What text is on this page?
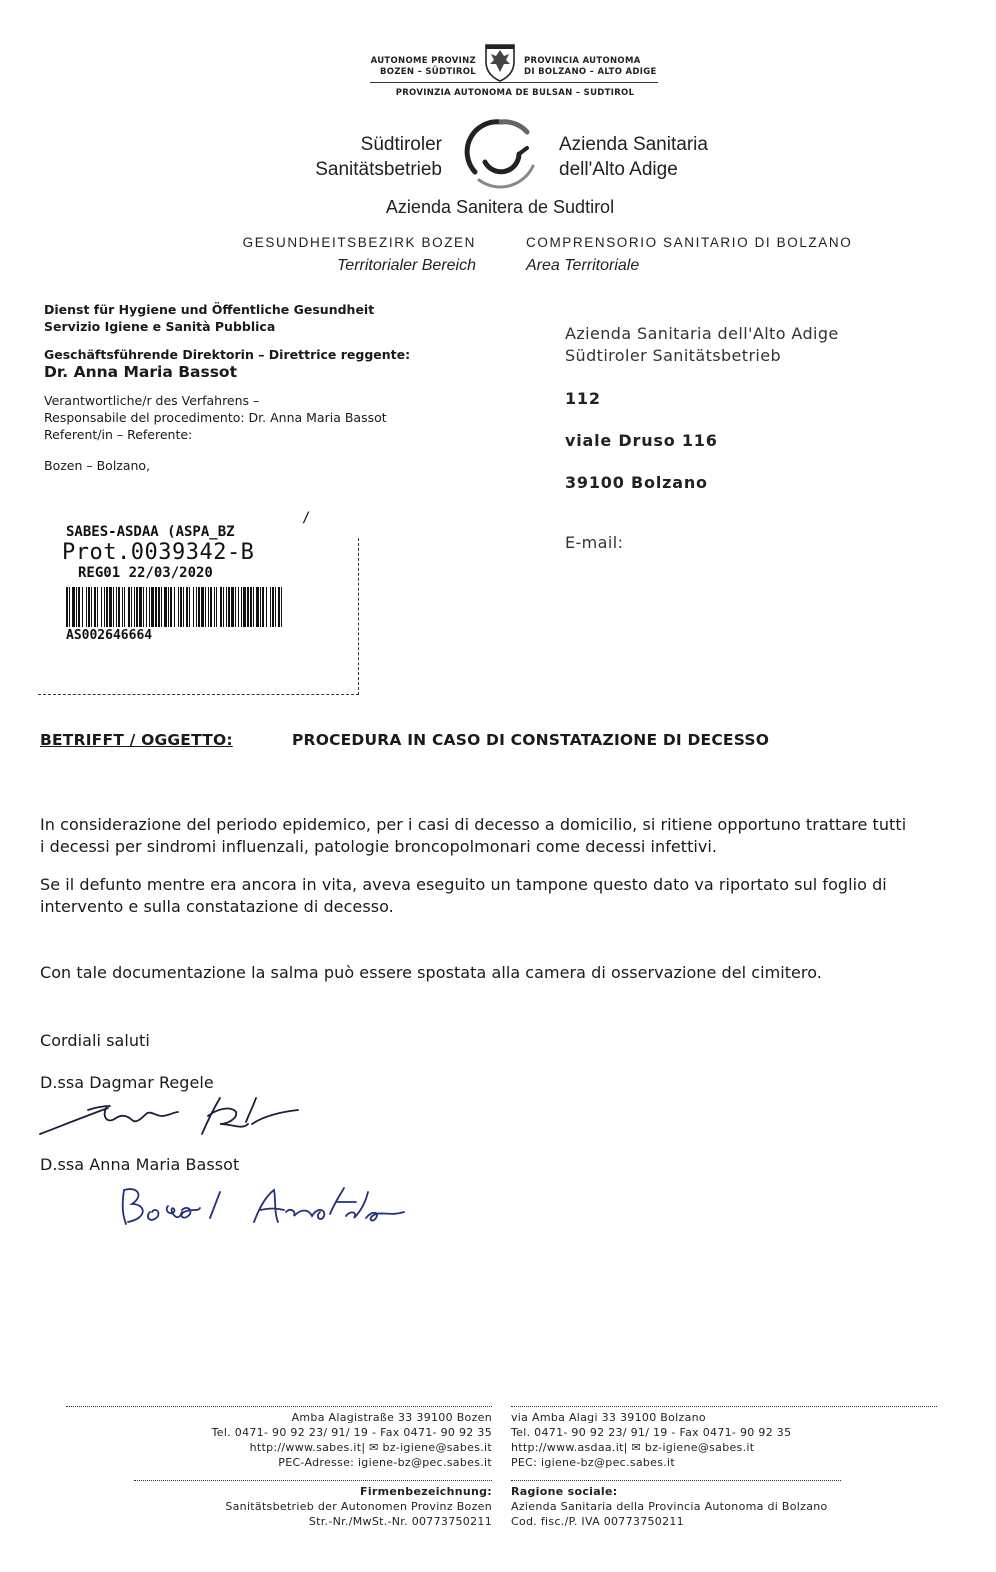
AUTONOME PROVINZ
BOZEN – SÜDTIROL
PROVINCIA AUTONOMA
DI BOLZANO – ALTO ADIGE
PROVINZIA AUTONOMA DE BULSAN – SUDTIROL
Südtiroler
Sanitätsbetrieb
Azienda Sanitaria
dell'Alto Adige
Azienda Sanitera de Sudtirol
GESUNDHEITSBEZIRK BOZEN	COMPRENSORIO SANITARIO DI BOLZANO
Territorialer Bereich	Area Territoriale
Dienst für Hygiene und Öffentliche Gesundheit
Servizio Igiene e Sanità Pubblica
Geschäftsführende Direktorin – Direttrice reggente:
Dr. Anna Maria Bassot
Verantwortliche/r des Verfahrens –
Responsabile del procedimento: Dr. Anna Maria Bassot
Referent/in – Referente:
Bozen – Bolzano,
Azienda Sanitaria dell'Alto Adige
Südtiroler Sanitätsbetrieb
112
viale Druso 116
39100 Bolzano
E-mail:
SABES-ASDAA (ASPA_BZ
Prot.0039342-B
REG01 22/03/2020
AS002646664
/
BETRIFFT / OGGETTO:	PROCEDURA IN CASO DI CONSTATAZIONE DI DECESSO
In considerazione del periodo epidemico, per i casi di decesso a domicilio, si ritiene opportuno trattare tutti
i decessi per sindromi influenzali, patologie broncopolmonari come decessi infettivi.
Se il defunto mentre era ancora in vita, aveva eseguito un tampone questo dato va riportato sul foglio di
intervento e sulla constatazione di decesso.
Con tale documentazione la salma può essere spostata alla camera di osservazione del cimitero.
Cordiali saluti
D.ssa Dagmar Regele
Regele Kl
D.ssa Anna Maria Bassot
Bassot Anna Kde
Amba Alagistraße 33 39100 Bozen
Tel. 0471- 90 92 23/ 91/ 19 - Fax 0471- 90 92 35
http://www.sabes.it| ✉ bz-igiene@sabes.it
PEC-Adresse: igiene-bz@pec.sabes.it
via Amba Alagi 33 39100 Bolzano
Tel. 0471- 90 92 23/ 91/ 19 - Fax 0471- 90 92 35
http://www.asdaa.it| ✉ bz-igiene@sabes.it
PEC: igiene-bz@pec.sabes.it
Firmenbezeichnung:
Sanitätsbetrieb der Autonomen Provinz Bozen
Str.-Nr./MwSt.-Nr. 00773750211
Ragione sociale:
Azienda Sanitaria della Provincia Autonoma di Bolzano
Cod. fisc./P. IVA 00773750211
